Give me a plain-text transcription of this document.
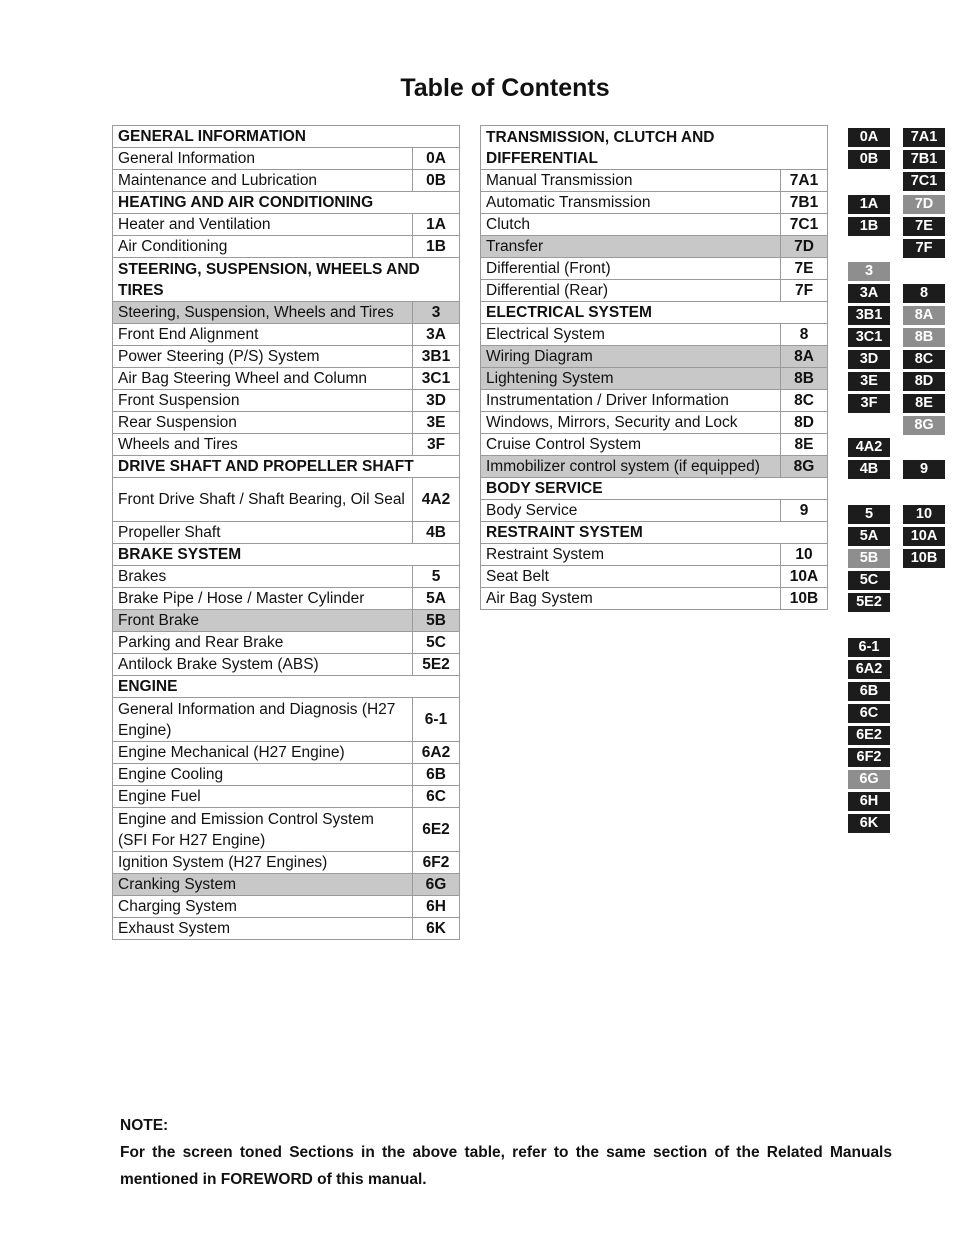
Table of Contents
GENERAL INFORMATION	
General Information	0A
Maintenance and Lubrication	0B
HEATING AND AIR CONDITIONING	
Heater and Ventilation	1A
Air Conditioning	1B
STEERING, SUSPENSION, WHEELS AND TIRES	
Steering, Suspension, Wheels and Tires	3
Front End Alignment	3A
Power Steering (P/S) System	3B1
Air Bag Steering Wheel and Column	3C1
Front Suspension	3D
Rear Suspension	3E
Wheels and Tires	3F
DRIVE SHAFT AND PROPELLER SHAFT	
Front Drive Shaft / Shaft Bearing, Oil Seal	4A2
Propeller Shaft	4B
BRAKE SYSTEM	
Brakes	5
Brake Pipe / Hose / Master Cylinder	5A
Front Brake	5B
Parking and Rear Brake	5C
Antilock Brake System (ABS)	5E2
ENGINE	
General Information and Diagnosis (H27 Engine)	6-1
Engine Mechanical (H27 Engine)	6A2
Engine Cooling	6B
Engine Fuel	6C
Engine and Emission Control System (SFI For H27 Engine)	6E2
Ignition System (H27 Engines)	6F2
Cranking System	6G
Charging System	6H
Exhaust System	6K
TRANSMISSION, CLUTCH AND DIFFERENTIAL	
Manual Transmission	7A1
Automatic Transmission	7B1
Clutch	7C1
Transfer	7D
Differential (Front)	7E
Differential (Rear)	7F
ELECTRICAL SYSTEM	
Electrical System	8
Wiring Diagram	8A
Lightening System	8B
Instrumentation / Driver Information	8C
Windows, Mirrors, Security and Lock	8D
Cruise Control System	8E
Immobilizer control system (if equipped)	8G
BODY SERVICE	
Body Service	9
RESTRAINT SYSTEM	
Restraint System	10
Seat Belt	10A
Air Bag System	10B
0A
0B
1A
1B
3
3A
3B1
3C1
3D
3E
3F
4A2
4B
5
5A
5B
5C
5E2
6-1
6A2
6B
6C
6E2
6F2
6G
6H
6K
7A1
7B1
7C1
7D
7E
7F
8
8A
8B
8C
8D
8E
8G
9
10
10A
10B
NOTE:
For the screen toned Sections in the above table, refer to the same section of the Related Manuals mentioned in FOREWORD of this manual.
